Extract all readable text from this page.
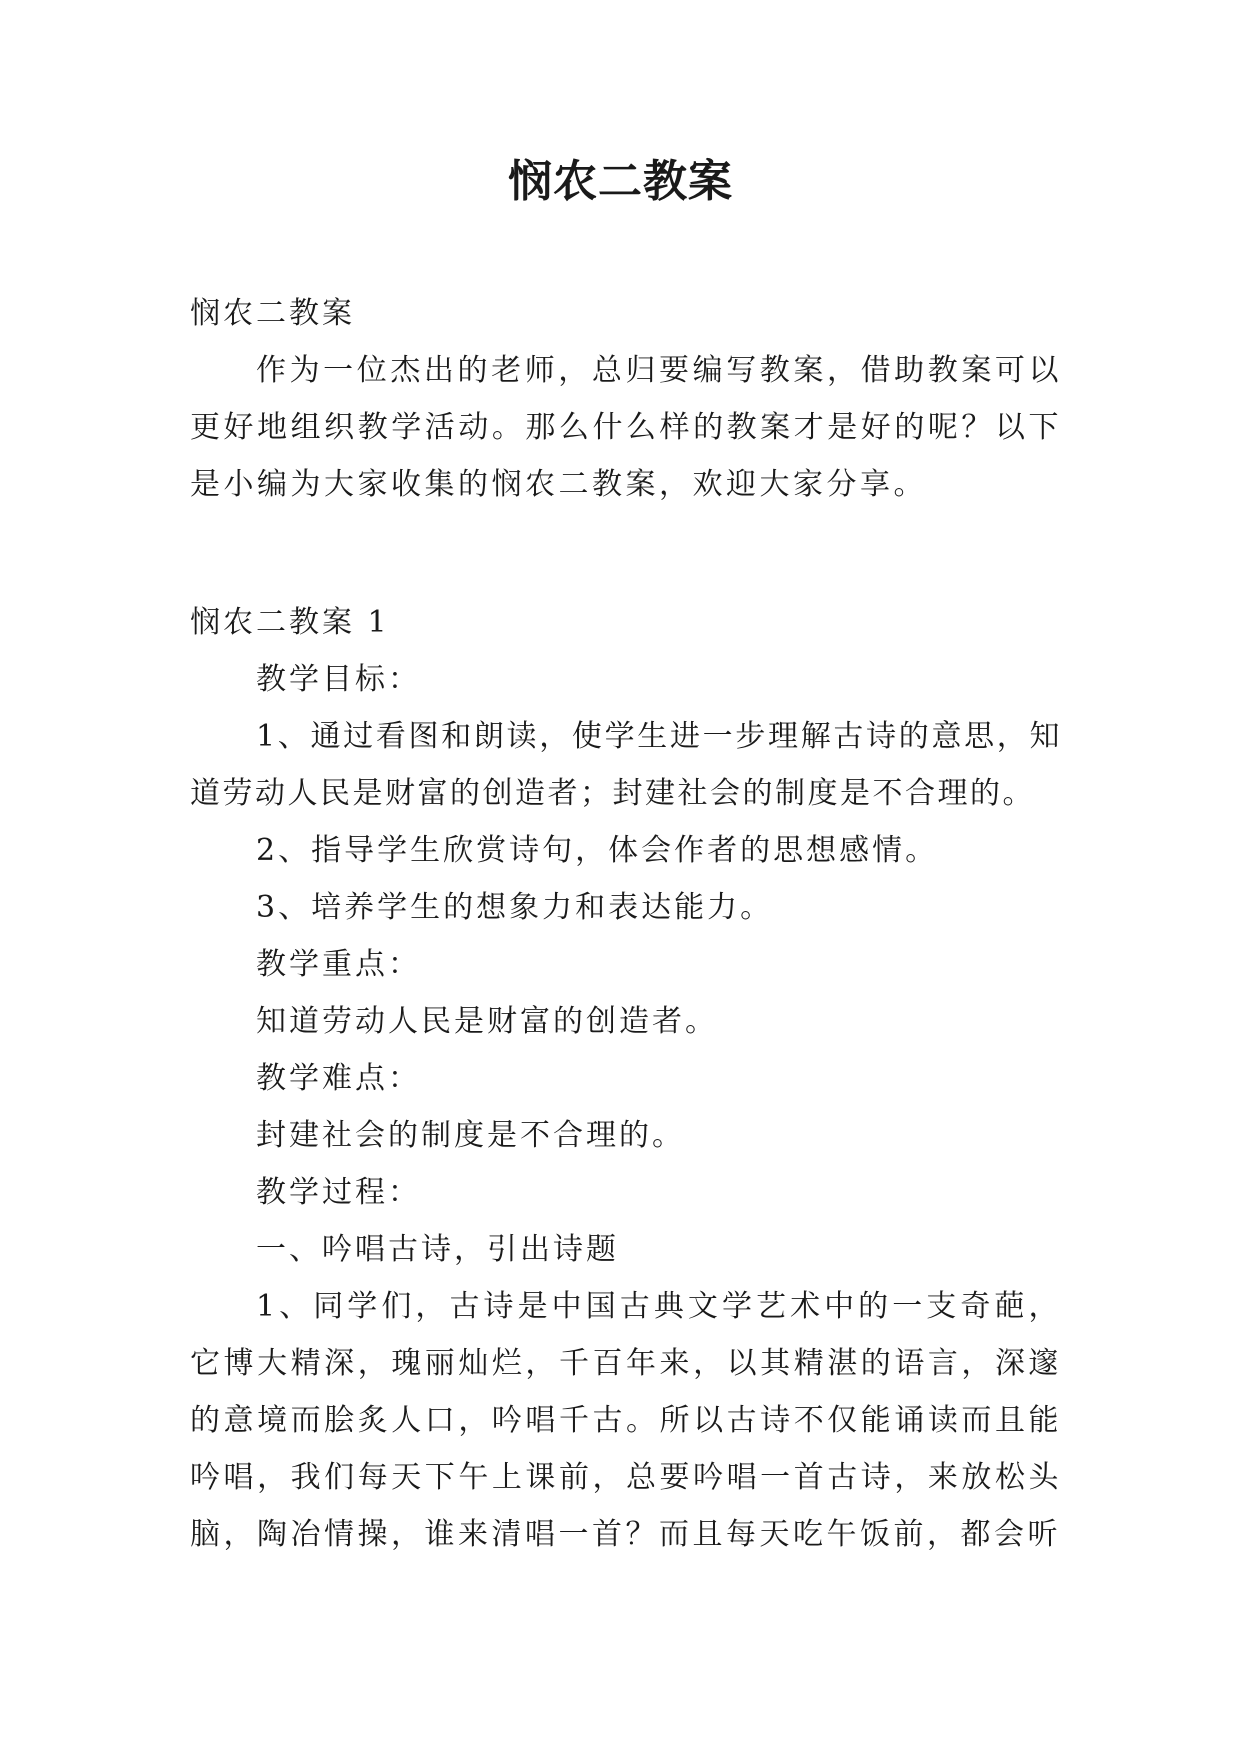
悯农二教案

悯农二教案

作为一位杰出的老师，总归要编写教案，借助教案可以更好地组织教学活动。那么什么样的教案才是好的呢？以下是小编为大家收集的悯农二教案，欢迎大家分享。

悯农二教案 1

教学目标：

1、通过看图和朗读，使学生进一步理解古诗的意思，知道劳动人民是财富的创造者；封建社会的制度是不合理的。

2、指导学生欣赏诗句，体会作者的思想感情。

3、培养学生的想象力和表达能力。

教学重点：

知道劳动人民是财富的创造者。

教学难点：

封建社会的制度是不合理的。

教学过程：

一、吟唱古诗，引出诗题

1、同学们，古诗是中国古典文学艺术中的一支奇葩，它博大精深，瑰丽灿烂，千百年来，以其精湛的语言，深邃的意境而脍炙人口，吟唱千古。所以古诗不仅能诵读而且能吟唱，我们每天下午上课前，总要吟唱一首古诗，来放松头脑，陶冶情操，谁来清唱一首？而且每天吃午饭前，都会听
